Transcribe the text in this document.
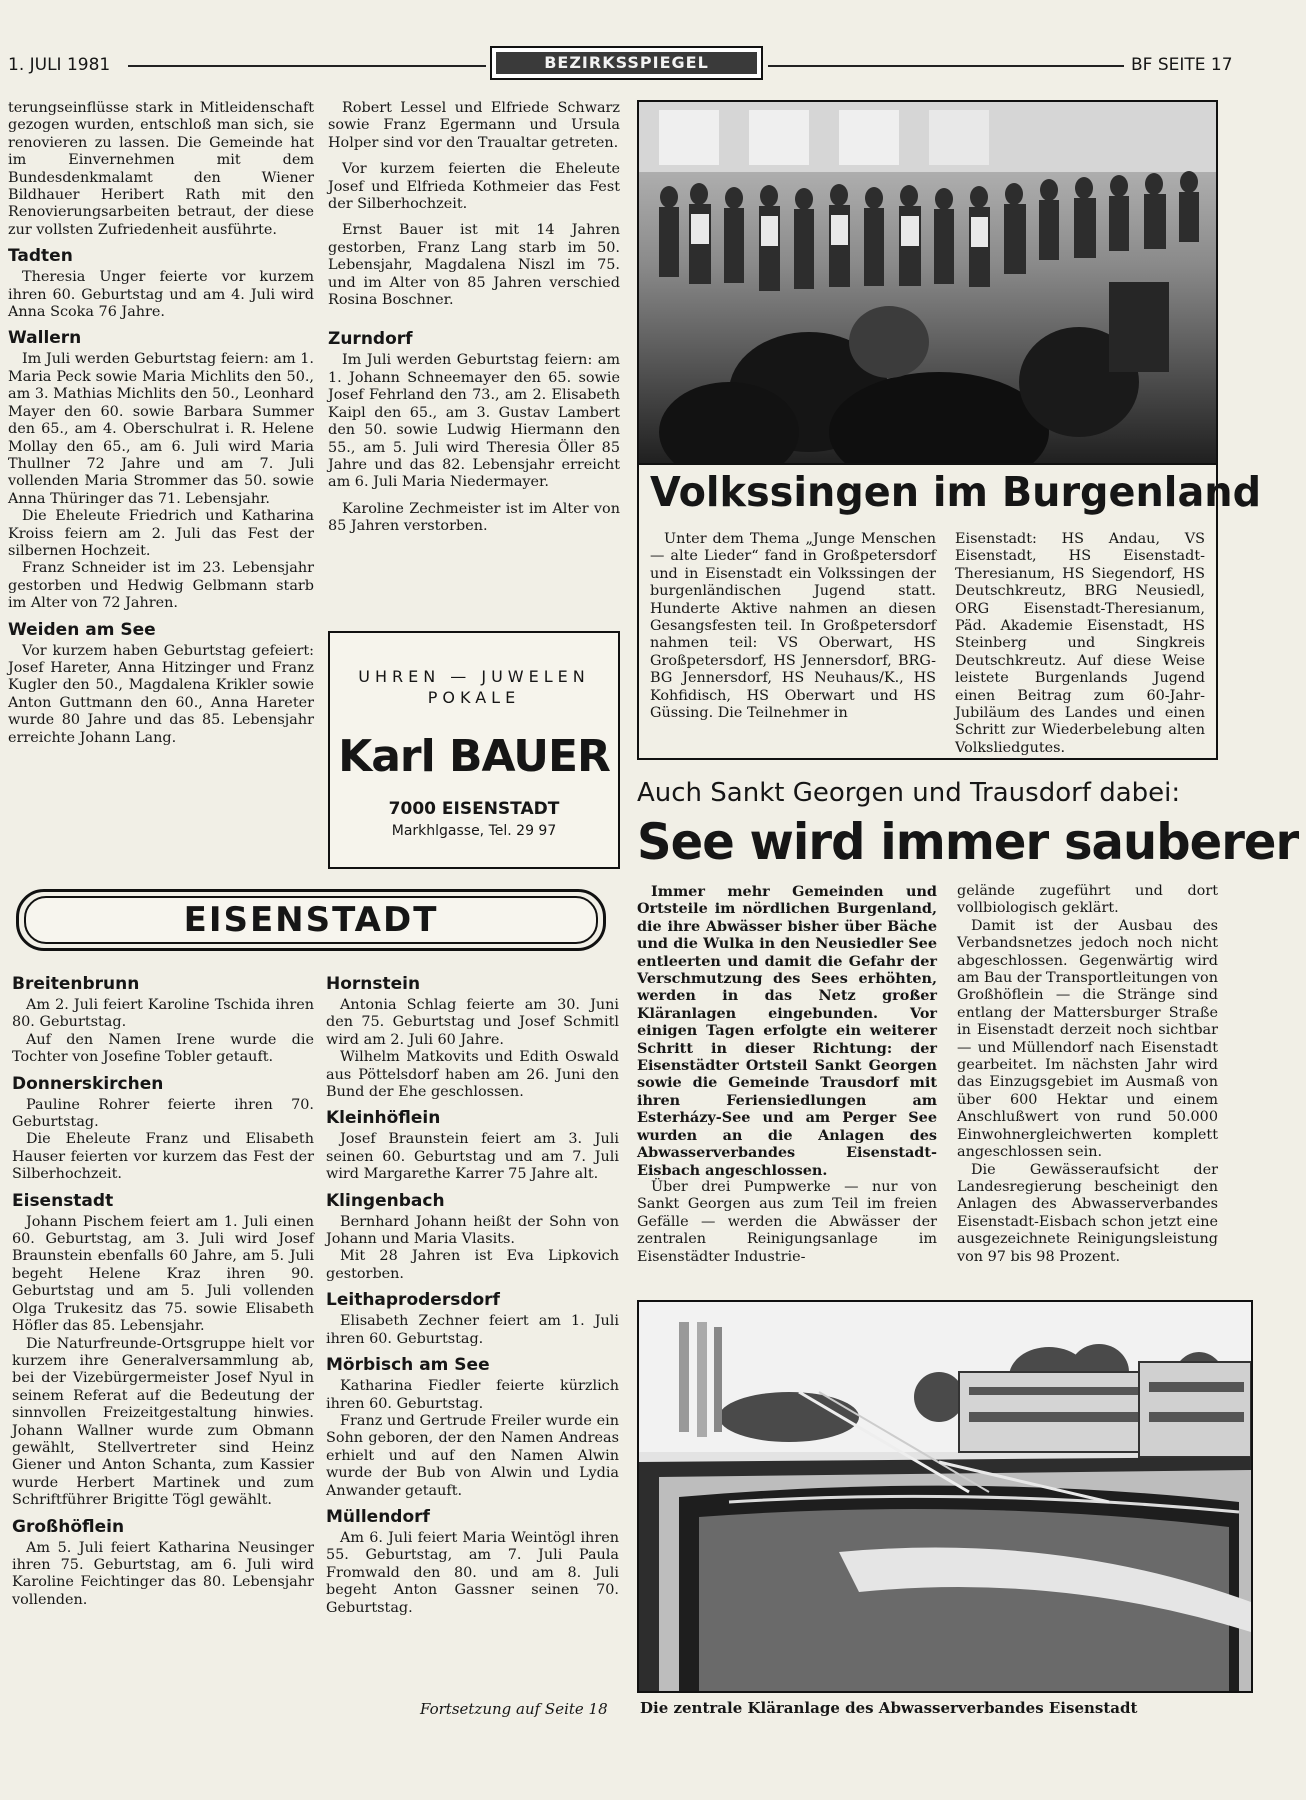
1. JULI 1981	BEZIRKSSPIEGEL	BF SEITE 17

terungseinflüsse stark in Mitleidenschaft gezogen wurden, entschloß man sich, sie renovieren zu lassen. Die Gemeinde hat im Einvernehmen mit dem Bundesdenkmalamt den Wiener Bildhauer Heribert Rath mit den Renovierungsarbeiten betraut, der diese zur vollsten Zufriedenheit ausführte.

Tadten

Theresia Unger feierte vor kurzem ihren 60. Geburtstag und am 4. Juli wird Anna Scoka 76 Jahre.

Wallern

Im Juli werden Geburtstag feiern: am 1. Maria Peck sowie Maria Michlits den 50., am 3. Mathias Michlits den 50., Leonhard Mayer den 60. sowie Barbara Summer den 65., am 4. Oberschulrat i. R. Helene Mollay den 65., am 6. Juli wird Maria Thullner 72 Jahre und am 7. Juli vollenden Maria Strommer das 50. sowie Anna Thüringer das 71. Lebensjahr.

Die Eheleute Friedrich und Katharina Kroiss feiern am 2. Juli das Fest der silbernen Hochzeit.

Franz Schneider ist im 23. Lebensjahr gestorben und Hedwig Gelbmann starb im Alter von 72 Jahren.

Weiden am See

Vor kurzem haben Geburtstag gefeiert: Josef Hareter, Anna Hitzinger und Franz Kugler den 50., Magdalena Krikler sowie Anton Guttmann den 60., Anna Hareter wurde 80 Jahre und das 85. Lebensjahr erreichte Johann Lang.

Robert Lessel und Elfriede Schwarz sowie Franz Egermann und Ursula Holper sind vor den Traualtar getreten.

Vor kurzem feierten die Eheleute Josef und Elfrieda Kothmeier das Fest der Silberhochzeit.

Ernst Bauer ist mit 14 Jahren gestorben, Franz Lang starb im 50. Lebensjahr, Magdalena Niszl im 75. und im Alter von 85 Jahren verschied Rosina Boschner.

Zurndorf

Im Juli werden Geburtstag feiern: am 1. Johann Schneemayer den 65. sowie Josef Fehrland den 73., am 2. Elisabeth Kaipl den 65., am 3. Gustav Lambert den 50. sowie Ludwig Hiermann den 55., am 5. Juli wird Theresia Öller 85 Jahre und das 82. Lebensjahr erreicht am 6. Juli Maria Niedermayer.

Karoline Zechmeister ist im Alter von 85 Jahren verstorben.

UHREN — JUWELEN
POKALE
Karl BAUER
7000 EISENSTADT
Markhlgasse, Tel. 29 97
Volkssingen im Burgenland

Unter dem Thema „Junge Menschen — alte Lieder“ fand in Großpetersdorf und in Eisenstadt ein Volkssingen der burgenländischen Jugend statt. Hunderte Aktive nahmen an diesen Gesangsfesten teil. In Großpetersdorf nahmen teil: VS Oberwart, HS Großpetersdorf, HS Jennersdorf, BRG-BG Jennersdorf, HS Neuhaus/K., HS Kohfidisch, HS Oberwart und HS Güssing. Die Teilnehmer in

Eisenstadt: HS Andau, VS Eisenstadt, HS Eisenstadt-Theresianum, HS Siegendorf, HS Deutschkreutz, BRG Neusiedl, ORG Eisenstadt-Theresianum, Päd. Akademie Eisenstadt, HS Steinberg und Singkreis Deutschkreutz. Auf diese Weise leistete Burgenlands Jugend einen Beitrag zum 60-Jahr-Jubiläum des Landes und einen Schritt zur Wiederbelebung alten Volksliedgutes.

Auch Sankt Georgen und Trausdorf dabei:
See wird immer sauberer

Immer mehr Gemeinden und Ortsteile im nördlichen Burgenland, die ihre Abwässer bisher über Bäche und die Wulka in den Neusiedler See entleerten und damit die Gefahr der Verschmutzung des Sees erhöhten, werden in das Netz großer Kläranlagen eingebunden. Vor einigen Tagen erfolgte ein weiterer Schritt in dieser Richtung: der Eisenstädter Ortsteil Sankt Georgen sowie die Gemeinde Trausdorf mit ihren Feriensiedlungen am Esterházy-See und am Perger See wurden an die Anlagen des Abwasserverbandes Eisenstadt-Eisbach angeschlossen.

Über drei Pumpwerke — nur von Sankt Georgen aus zum Teil im freien Gefälle — werden die Abwässer der zentralen Reinigungsanlage im Eisenstädter Industrie-

gelände zugeführt und dort vollbiologisch geklärt.

Damit ist der Ausbau des Verbandsnetzes jedoch noch nicht abgeschlossen. Gegenwärtig wird am Bau der Transportleitungen von Großhöflein — die Stränge sind entlang der Mattersburger Straße in Eisenstadt derzeit noch sichtbar — und Müllendorf nach Eisenstadt gearbeitet. Im nächsten Jahr wird das Einzugsgebiet im Ausmaß von über 600 Hektar und einem Anschlußwert von rund 50.000 Einwohnergleichwerten komplett angeschlossen sein.

Die Gewässeraufsicht der Landesregierung bescheinigt den Anlagen des Abwasserverbandes Eisenstadt-Eisbach schon jetzt eine ausgezeichnete Reinigungsleistung von 97 bis 98 Prozent.

Fortsetzung auf Seite 18 Die zentrale Kläranlage des Abwasserverbandes Eisenstadt
EISENSTADT
Breitenbrunn

Am 2. Juli feiert Karoline Tschida ihren 80. Geburtstag.

Auf den Namen Irene wurde die Tochter von Josefine Tobler getauft.

Donnerskirchen

Pauline Rohrer feierte ihren 70. Geburtstag.

Die Eheleute Franz und Elisabeth Hauser feierten vor kurzem das Fest der Silberhochzeit.

Eisenstadt

Johann Pischem feiert am 1. Juli einen 60. Geburtstag, am 3. Juli wird Josef Braunstein ebenfalls 60 Jahre, am 5. Juli begeht Helene Kraz ihren 90. Geburtstag und am 5. Juli vollenden Olga Trukesitz das 75. sowie Elisabeth Höfler das 85. Lebensjahr.

Die Naturfreunde-Ortsgruppe hielt vor kurzem ihre Generalversammlung ab, bei der Vizebürgermeister Josef Nyul in seinem Referat auf die Bedeutung der sinnvollen Freizeitgestaltung hinwies. Johann Wallner wurde zum Obmann gewählt, Stellvertreter sind Heinz Giener und Anton Schanta, zum Kassier wurde Herbert Martinek und zum Schriftführer Brigitte Tögl gewählt.

Großhöflein

Am 5. Juli feiert Katharina Neusinger ihren 75. Geburtstag, am 6. Juli wird Karoline Feichtinger das 80. Lebensjahr vollenden.

Hornstein

Antonia Schlag feierte am 30. Juni den 75. Geburtstag und Josef Schmitl wird am 2. Juli 60 Jahre.

Wilhelm Matkovits und Edith Oswald aus Pöttelsdorf haben am 26. Juni den Bund der Ehe geschlossen.

Kleinhöflein

Josef Braunstein feiert am 3. Juli seinen 60. Geburtstag und am 7. Juli wird Margarethe Karrer 75 Jahre alt.

Klingenbach

Bernhard Johann heißt der Sohn von Johann und Maria Vlasits.

Mit 28 Jahren ist Eva Lipkovich gestorben.

Leithaprodersdorf

Elisabeth Zechner feiert am 1. Juli ihren 60. Geburtstag.

Mörbisch am See

Katharina Fiedler feierte kürzlich ihren 60. Geburtstag.

Franz und Gertrude Freiler wurde ein Sohn geboren, der den Namen Andreas erhielt und auf den Namen Alwin wurde der Bub von Alwin und Lydia Anwander getauft.

Müllendorf

Am 6. Juli feiert Maria Weintögl ihren 55. Geburtstag, am 7. Juli Paula Fromwald den 80. und am 8. Juli begeht Anton Gassner seinen 70. Geburtstag.
